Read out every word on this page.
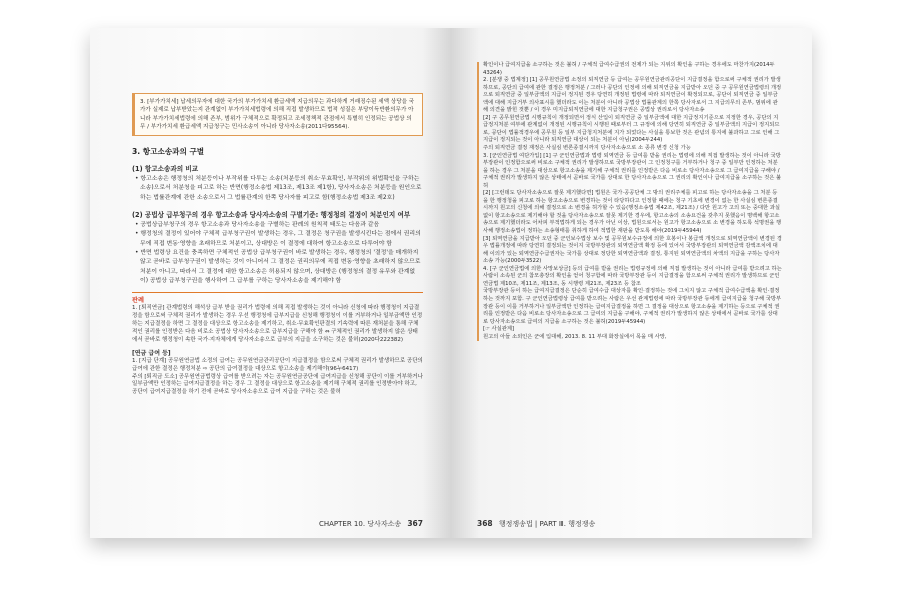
3. [부가가치세] 납세의무자에 대한 국가의 부가가치세 환급세액 지급의무는 과다하게 거래징수된 세액 상당을 국가가 실제로 납부받았는지 관계없이 부가가치세법령에 의해 직접 발생하므로 법적 성질은 부당이득반환의무가 아니라 부가가치세법령에 의해 존부, 범위가 구체적으로 확정되고 조세정책적 관점에서 특별히 인정되는 공법상 의무 / 부가가치세 환급세액 지급청구는 민사소송이 아니라 당사자소송(2011다95564).

3. 항고소송과의 구별
(1) 항고소송과의 비교

• 항고소송은 행정청의 처분등이나 부작위를 다투는 소송(처분등의 취소·무효확인, 부작위의 위법확인을 구하는 소송)으로서 처분청을 피고로 하는 반면(행정소송법 제13조, 제13조 제1항), 당사자소송은 처분등을 원인으로 하는 법률관계에 관한 소송으로서 그 법률관계의 한쪽 당사자를 피고로 함(행정소송법 제3조 제2호)

(2) 공법상 급부청구의 경우 항고소송과 당사자소송의 구별기준: 행정청의 결정이 처분인지 여부

• 공법상급부청구의 경우 항고소송과 당사자소송을 구별하는 판례의 원칙적 태도는 다음과 같음

• 행정청의 결정이 있어야 구체적 급부청구권이 발생하는 경우, 그 결정은 청구권을 발생시킨다는 점에서 권리의무에 직접 변동·영향을 초래하므로 처분이고, 상대방은 이 결정에 대하여 항고소송으로 다투어야 함

• 반면 법령상 요건을 충족하면 구체적인 공법상 급부청구권이 바로 발생하는 경우, 행정청의 '결정'을 매개하지 않고 곧바로 급부청구권이 발생하는 것이 아니어서 그 결정은 권리의무에 직접 변동·영향을 초래하지 않으므로 처분이 아니고, 따라서 그 결정에 대한 항고소송은 허용되지 않으며, 상대방은 (행정청의 결정 유무와 관계없이) 공법상 급부청구권을 행사하여 그 급부를 구하는 당사자소송을 제기해야 함

판례

1. [퇴직연금] 관계법령의 해석상 급부 받을 권리가 법령에 의해 직접 발생하는 것이 아니라 신청에 따라 행정청이 지급결정을 함으로써 구체적 권리가 발생하는 경우 우선 행정청에 급부지급을 신청해 행정청이 이를 거부하거나 일부금액만 인정하는 지급결정을 하면 그 결정을 대상으로 항고소송을 제기하고, 취소·무효확인판결의 기속력에 따른 재처분을 통해 구체적인 권리를 인정받은 다음 비로소 공법상 당사자소송으로 급부지급을 구해야 함 ⇔ 구체적인 권리가 발생하지 않은 상태에서 곧바로 행정청이 속한 국가·지자체에게 당사자소송으로 급부의 지급을 소구하는 것은 불허(2020다222382)

[연금 급여 등]

1. [지급 단계] 공무원연금법 소정의 급여는 공무원연금관리공단이 지급결정을 함으로써 구체적 권리가 발생하므로 공단의 급여에 관한 결정은 행정처분 ⇨ 공단의 급여결정을 대상으로 항고소송을 제기해야(96누6417)

주의 [퇴직금 도소] 공무원연금법령상 급여를 받으려는 자는 공무원연금공단에 급여지급을 신청해 공단이 이를 거부하거나 일부금액만 인정하는 급여지급결정을 하는 경우 그 결정을 대상으로 항고소송을 제기해 구체적 권리를 인정받아야 하고, 공단이 급여지급결정을 하기 전에 곧바로 당사자소송으로 급여 지급을 구하는 것은 불허

CHAPTER 10. 당사자소송 367

확인이나 급여지급을 소구하는 것은 불허 / 구체적 급여수급권의 전제가 되는 지위의 확인을 구하는 경우에도 마찬가지(2014두43264)

2. [분쟁 중 법계정] [1] 공무원연금법 소정의 퇴직연금 등 급여는 공무원연금관리공단이 지급결정을 함으로써 구체적 권리가 발생하므로, 공단의 급여에 관한 결정은 행정처분 / 그러나 공단의 인정에 의해 퇴직연금을 지급받아 오던 중 구 공무원연금법령의 개정으로 퇴직연금 중 일부금액의 지급이 정지된 경우 당연히 개정된 법령에 따라 퇴직연금이 확정되므로, 공단이 퇴직연금 중 일부금액에 대해 지급거부 의사표시를 했더라도 이는 처분이 아니라 공법상 법률관계의 한쪽 당사자로서 그 지급의무의 존부, 범위에 관해 의견을 밝힌 것뿐 / 이 경우 미지급퇴직연금에 대한 지급청구권은 공법상 권리로서 당사자소송

[2] 구 공무원연금법 시행규칙이 개정되면서 정식 산입이 퇴직연금 중 일부금액에 대한 지급정지기준으로 지정한 경우, 공단의 지급정지처분 여부에 관계없이 개정된 시행규칙이 시행된 때로부터 그 규정에 의해 당연히 퇴직연금 중 일부금액의 지급이 정지되므로, 공단이 법률적경우에 공무원 등 일부 지급청지처분에 지가 되었다는 사실을 통보한 것은 관념의 통지에 불과하고 그로 인해 그 지급이 정지되는 것이 아니라 퇴직연금 대상이 되는 처분이 아님(2004두244)

주의 퇴직연금 결정 재정은 사실심 변론종결시까지 당사자소송으로 소 종류 변경 신청 가능

3. [군인연금법 여단가입] [1] 구 군인연금법과 법령 퇴역연금 등 급여를 받을 권리는 법령에 의해 직접 발생하는 것이 아니라 국방부장관이 인정함으로써 비로소 구체적 권리가 발생하므로 국방부장관이 그 인정청구를 거부하거나 청구 중 일부만 인정하는 처분을 하는 경우 그 처분을 대상으로 항고소송을 제기해 구체적 권리를 인정받은 다음 비로소 당사자소송으로 그 급여지급을 구해야 / 구체적 권리가 발생하지 않은 상태에서 곧바로 국가를 상대로 한 당사자소송으로 그 권리의 확인이나 급여지급을 소구하는 것은 불허

[2] [그런데도 당사자소송으로 잘못 제기했다면] 법원은 국가·공공단체 그 밖의 권리주체를 피고로 하는 당사자소송을 그 처분 등을 한 행정청을 피고로 하는 항고소송으로 변경하는 것이 타당하다고 인정할 때에는 청구 기초에 변경이 없는 한 사실심 변론종결시까지 원고의 신청에 의해 결정으로 소 변경을 허가할 수 있음(행정소송법 제42조, 제21조) / 다만 원고가 고의 또는 중대한 과실 없이 항고소송으로 제기해야 할 것을 당사자소송으로 잘못 제기한 경우에, 항고소송의 소송요건을 갖추지 못했음이 명백해 항고소송으로 제기했더라도 어차피 부적법하게 되는 경우가 아닌 이상, 법원으로서는 원고가 항고소송으로 소 변경을 하도록 석명권을 행사해 행정소송법이 정하는 소송형태를 취하게 하여 적법한 재판을 받도록 해야(2019두45944)

[3] 퇴역연금을 지급받아 오던 중 군인보수법상 보수 및 공무원보수규정에 의한 호봉이나 봉급액 개정으로 퇴역연금액이 변경된 경우 법률개정에 따라 당연히 결정되는 것이지 국방부장관의 퇴역연금액 확정 등에 있어서 국방부장관의 퇴역연금액 감액조치에 대해 이의가 있는 퇴역연금수급권자는 국가를 상대로 정당한 퇴역연금액과 결정, 통지된 퇴역연금액의 차액의 지급을 구하는 당사자소송 가능(2000두3522)

4. [구 군인연금법에 의한 사망보상금] 등의 급여를 받을 권리는 법령규정에 의해 직접 발생하는 것이 아니라 급여를 받으려고 하는 사람이 소속된 군의 참모총장의 확인을 얻어 청구함에 따라 국방부장관 등이 지급결정을 함으로써 구체적 권리가 발생하므로 군인연금법 제10조, 제11조, 제13조, 동 시행령 제21조, 제23조 등 참조

국방부장관 등이 하는 급여지급결정은 단순히 급여수급 대상자를 확인·결정하는 것에 그치지 않고 구체적 급여수급액을 확인·결정하는 것까지 포함. 구 군인연금법령상 급여를 받으려는 사람은 우선 관계법령에 따라 국방부장관 등에게 급여지급을 청구해 국방부장관 등이 이를 거부하거나 일부금액만 인정하는 급여지급결정을 하면 그 결정을 대상으로 항고소송을 제기하는 등으로 구체적 권리를 인정받은 다음 비로소 당사자소송으로 그 급여의 지급을 구해야, 구체적 권리가 발생하지 않은 상태에서 곧바로 국가를 상대로 당사자소송으로 급여의 지급을 소구하는 것은 불허(2019두45944)

[☞ 사실관계]

원고의 아들 소외인은 군에 입대해, 2013. 8. 11 부대 화장실에서 목을 매 사망,

368 행정쟁송법 | PART Ⅲ. 행정쟁송
